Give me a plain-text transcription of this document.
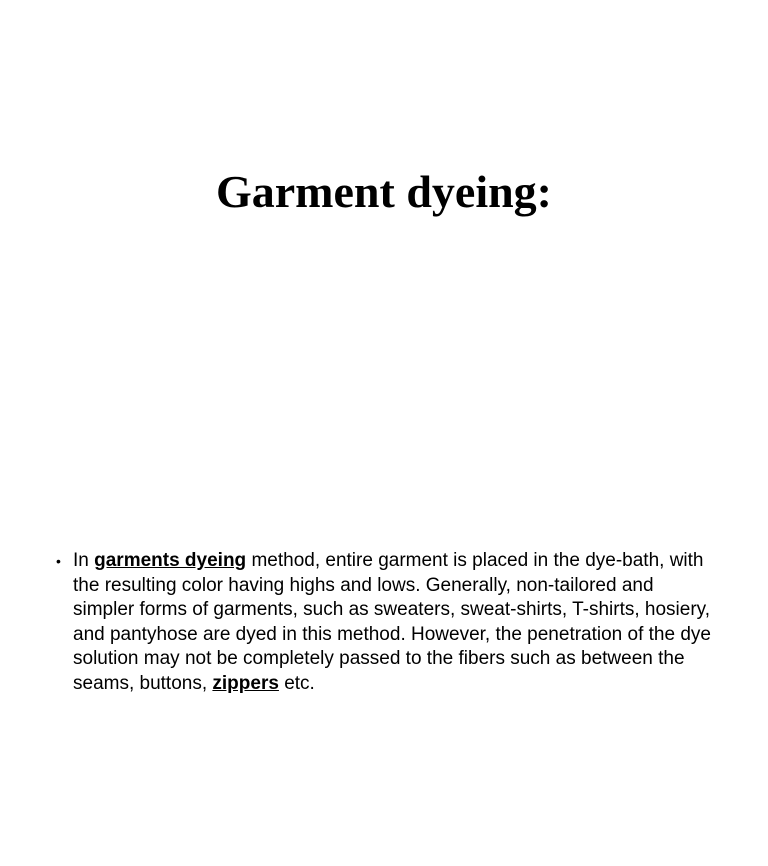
Garment dyeing:
• In garments dyeing method, entire garment is placed in the dye-bath, with the resulting color having highs and lows. Generally, non-tailored and simpler forms of garments, such as sweaters, sweat-shirts, T-shirts, hosiery, and pantyhose are dyed in this method. However, the penetration of the dye solution may not be completely passed to the fibers such as between the seams, buttons, zippers etc.
